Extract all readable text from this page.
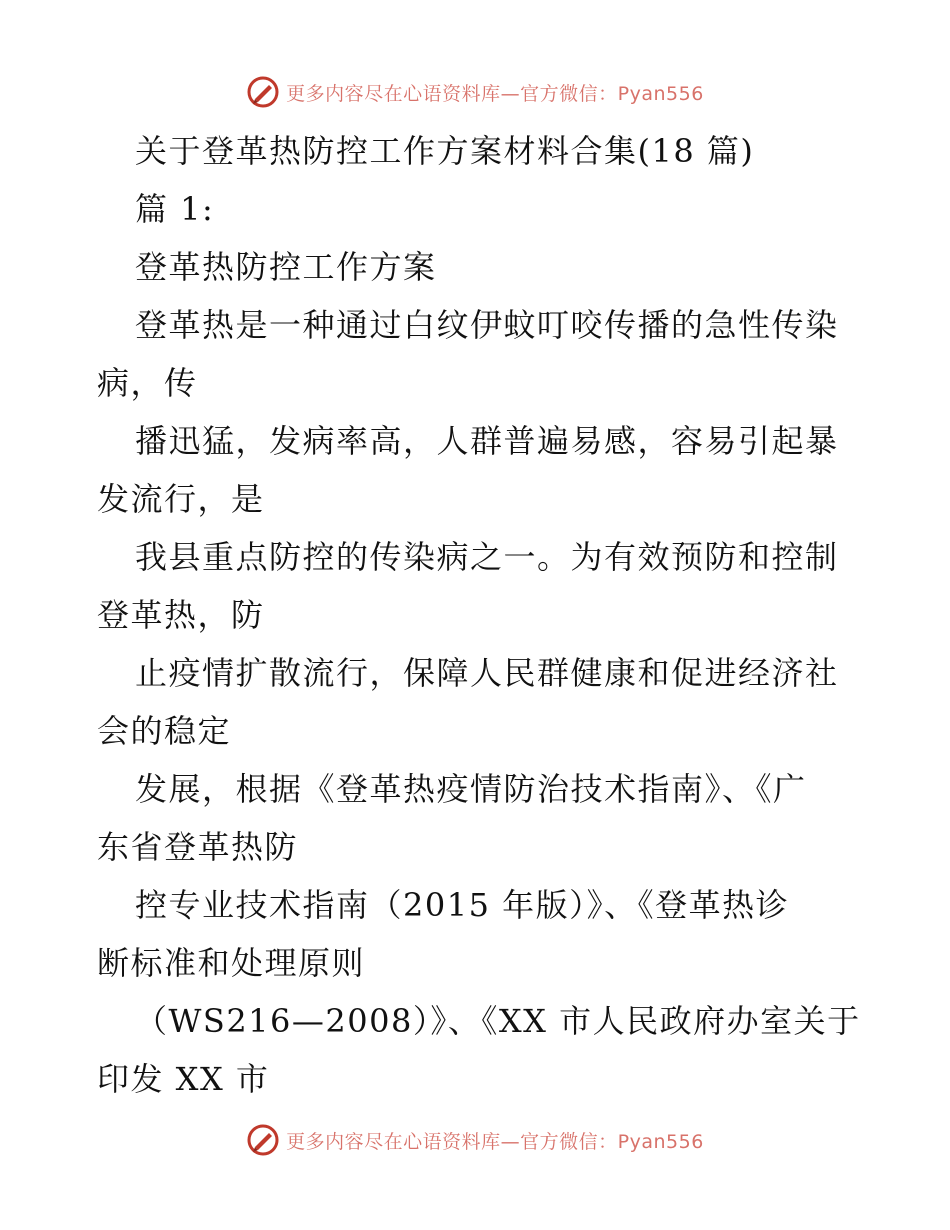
更多内容尽在心语资料库—官方微信：Pyan556
关于登革热防控工作方案材料合集(18 篇)
篇 1:
登革热防控工作方案
登革热是一种通过白纹伊蚊叮咬传播的急性传染
病，传
播迅猛，发病率高，人群普遍易感，容易引起暴
发流行，是
我县重点防控的传染病之一。为有效预防和控制
登革热，防
止疫情扩散流行，保障人民群健康和促进经济社
会的稳定
发展，根据《登革热疫情防治技术指南》、《广
东省登革热防
控专业技术指南（2015 年版）》、《登革热诊
断标准和处理原则
（WS216—2008）》、《XX 市人民政府办室关于
印发 XX 市
更多内容尽在心语资料库—官方微信：Pyan556
